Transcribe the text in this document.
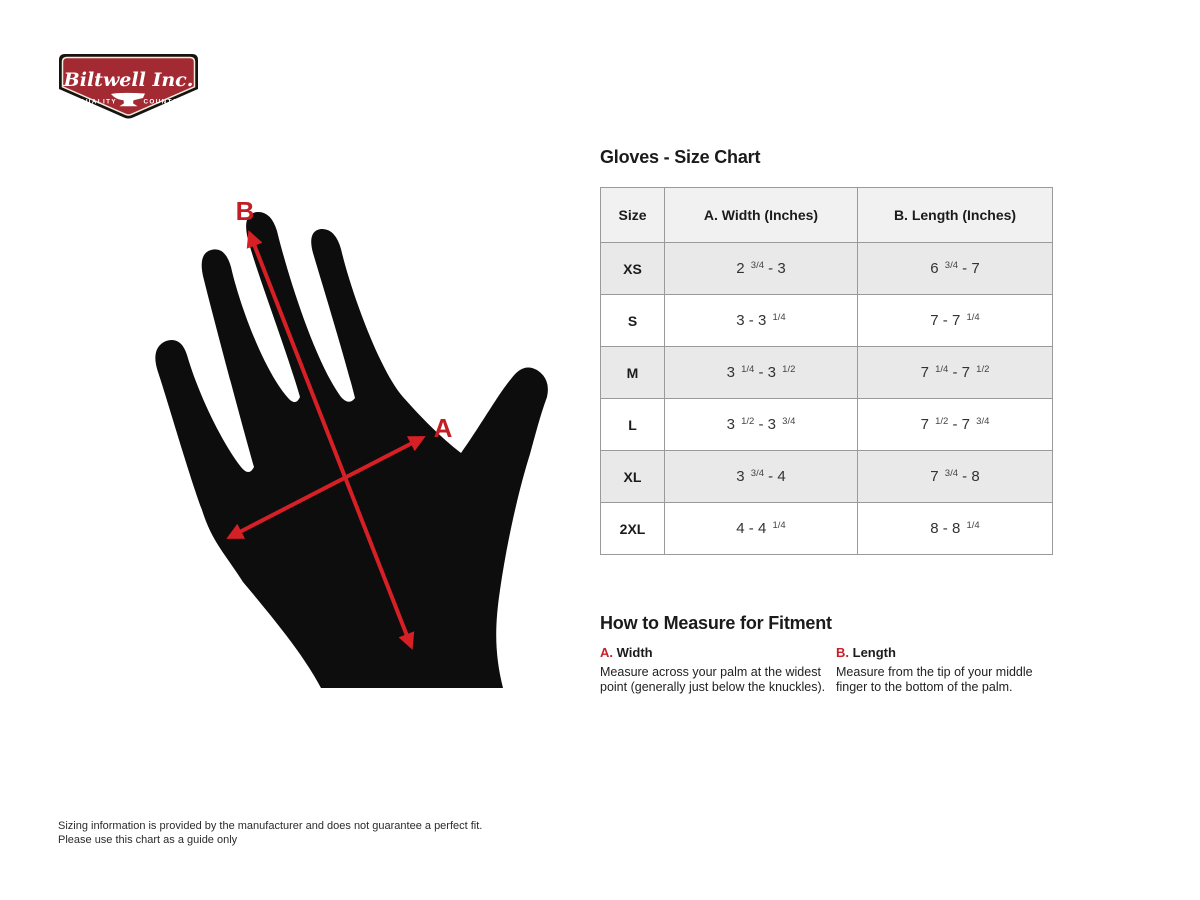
Biltwell Inc.
“QUALITY	COUNTS”
B
A
Gloves - Size Chart
Size	A. Width (Inches)	B. Length (Inches)
XS	2 $^{3/4}$ - 3	6 $^{3/4}$ - 7
S	3 - 3 $^{1/4}$	7 - 7 $^{1/4}$
M	3 $^{1/4}$ - 3 $^{1/2}$	7 $^{1/4}$ - 7 $^{1/2}$
L	3 $^{1/2}$ - 3 $^{3/4}$	7 $^{1/2}$ - 7 $^{3/4}$
XL	3 $^{3/4}$ - 4	7 $^{3/4}$ - 8
2XL	4 - 4 $^{1/4}$	8 - 8 $^{1/4}$
How to Measure for Fitment
A. Width
Measure across your palm at the widest point (generally just below the knuckles).
B. Length
Measure from the tip of your middle finger to the bottom of the palm.
Sizing information is provided by the manufacturer and does not guarantee a perfect fit.
Please use this chart as a guide only
